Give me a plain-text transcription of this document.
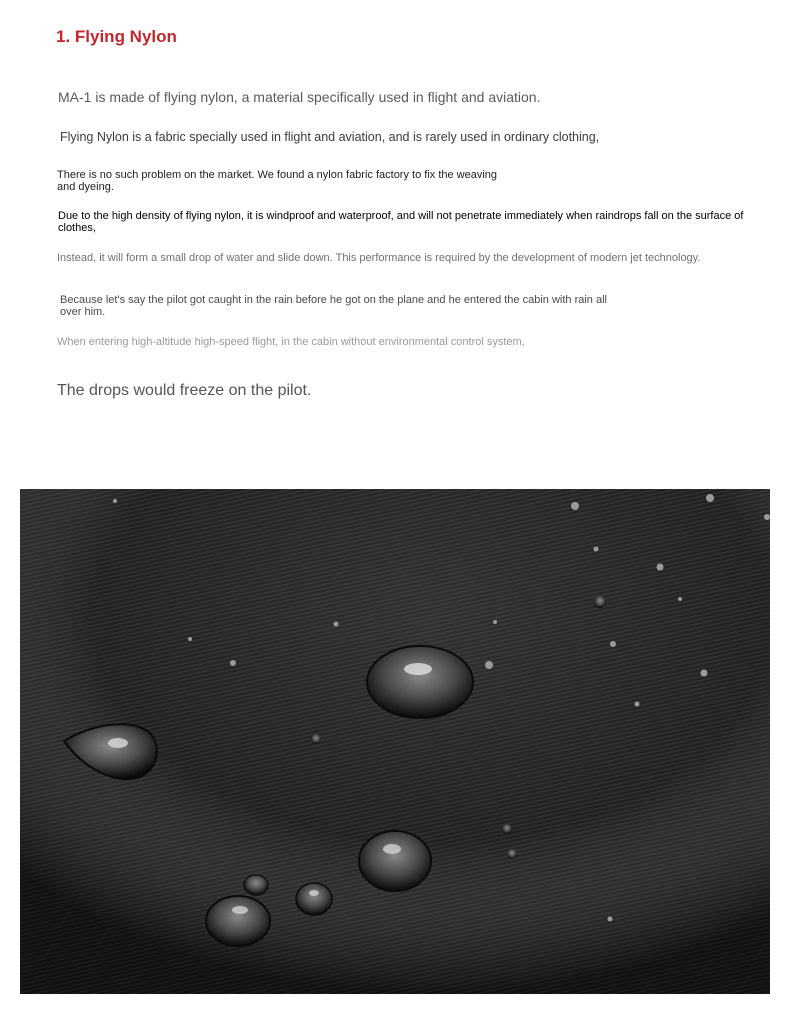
1. Flying Nylon

MA-1 is made of flying nylon, a material specifically used in flight and aviation.

Flying Nylon is a fabric specially used in flight and aviation, and is rarely used in ordinary clothing,

There is no such problem on the market. We found a nylon fabric factory to fix the weaving and dyeing.

Due to the high density of flying nylon, it is windproof and waterproof, and will not penetrate immediately when raindrops fall on the surface of clothes,

Instead, it will form a small drop of water and slide down. This performance is required by the development of modern jet technology.

Because let's say the pilot got caught in the rain before he got on the plane and he entered the cabin with rain all over him.

When entering high-altitude high-speed flight, in the cabin without environmental control system,

The drops would freeze on the pilot.
